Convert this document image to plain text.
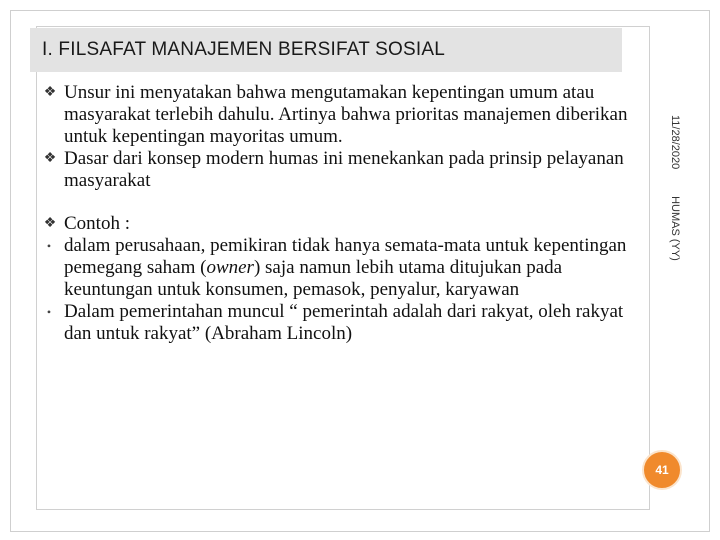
I. FILSAFAT MANAJEMEN BERSIFAT SOSIAL
11/28/2020 HUMAS (YY)
❖ Unsur ini menyatakan bahwa mengutamakan kepentingan umum atau masyarakat terlebih dahulu. Artinya bahwa prioritas manajemen diberikan untuk kepentingan mayoritas umum.
❖ Dasar dari konsep modern humas ini menekankan pada prinsip pelayanan masyarakat
❖ Contoh :
• dalam perusahaan, pemikiran tidak hanya semata-mata untuk kepentingan pemegang saham (owner) saja namun lebih utama ditujukan pada keuntungan untuk konsumen, pemasok, penyalur, karyawan
• Dalam pemerintahan muncul “ pemerintah adalah dari rakyat, oleh rakyat dan untuk rakyat” (Abraham Lincoln)
41
